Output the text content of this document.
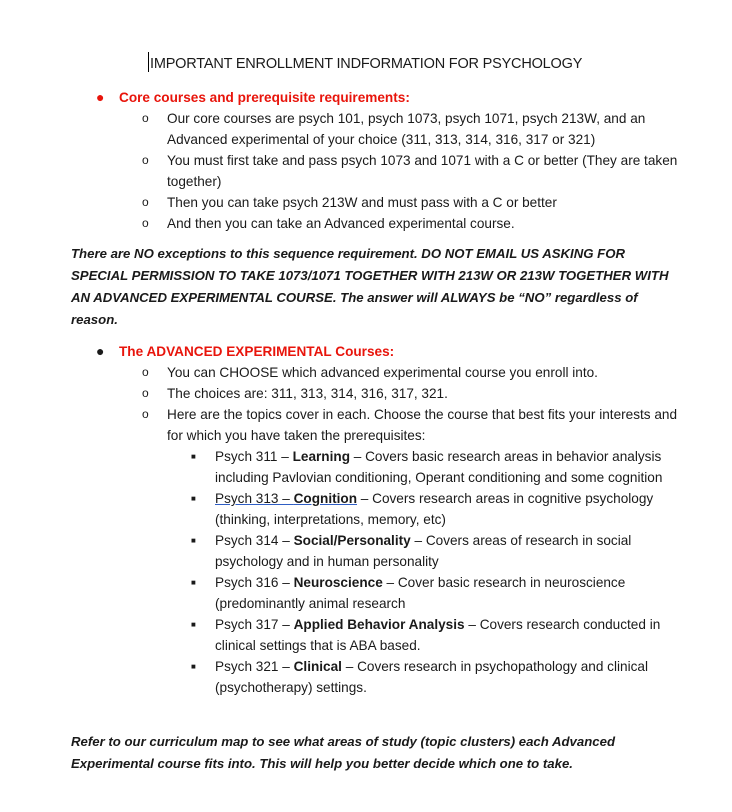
IMPORTANT ENROLLMENT INDFORMATION FOR PSYCHOLOGY
● Core courses and prerequisite requirements:
o Our core courses are psych 101, psych 1073, psych 1071, psych 213W, and an Advanced experimental of your choice (311, 313, 314, 316, 317 or 321)
o You must first take and pass psych 1073 and 1071 with a C or better (They are taken together)
o Then you can take psych 213W and must pass with a C or better
o And then you can take an Advanced experimental course.
There are NO exceptions to this sequence requirement. DO NOT EMAIL US ASKING FOR SPECIAL PERMISSION TO TAKE 1073/1071 TOGETHER WITH 213W OR 213W TOGETHER WITH AN ADVANCED EXPERIMENTAL COURSE. The answer will ALWAYS be “NO” regardless of reason.
● The ADVANCED EXPERIMENTAL Courses:
o You can CHOOSE which advanced experimental course you enroll into.
o The choices are: 311, 313, 314, 316, 317, 321.
o Here are the topics cover in each. Choose the course that best fits your interests and for which you have taken the prerequisites:
■ Psych 311 – Learning – Covers basic research areas in behavior analysis including Pavlovian conditioning, Operant conditioning and some cognition
■ Psych 313 – Cognition – Covers research areas in cognitive psychology (thinking, interpretations, memory, etc)
■ Psych 314 – Social/Personality – Covers areas of research in social psychology and in human personality
■ Psych 316 – Neuroscience – Cover basic research in neuroscience (predominantly animal research
■ Psych 317 – Applied Behavior Analysis – Covers research conducted in clinical settings that is ABA based.
■ Psych 321 – Clinical – Covers research in psychopathology and clinical (psychotherapy) settings.
Refer to our curriculum map to see what areas of study (topic clusters) each Advanced Experimental course fits into. This will help you better decide which one to take.
